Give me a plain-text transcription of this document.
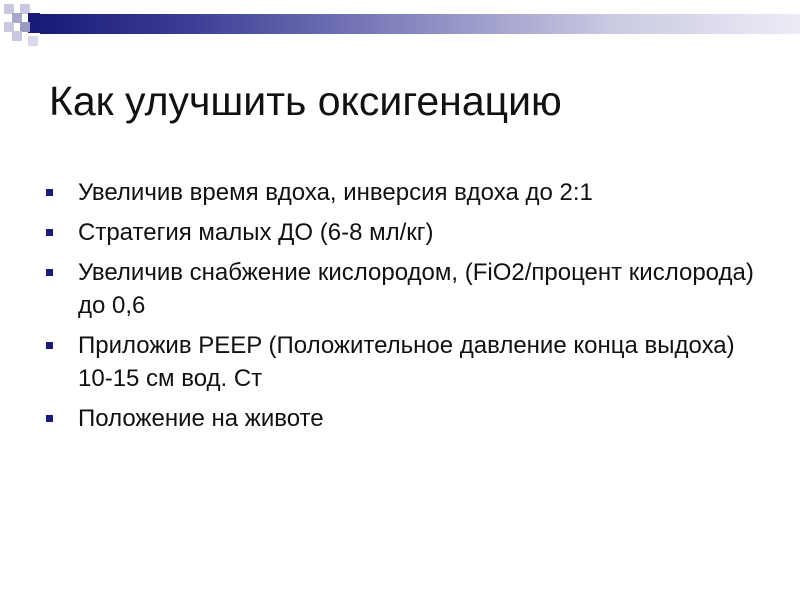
Как улучшить оксигенацию
Увеличив время вдоха, инверсия вдоха до 2:1
Стратегия малых ДО (6-8 мл/кг)
Увеличив снабжение кислородом, (FiO2/процент кислорода) до 0,6
Приложив PEEP (Положительное давление конца выдоха) 10-15 см вод. Ст
Положение на животе
